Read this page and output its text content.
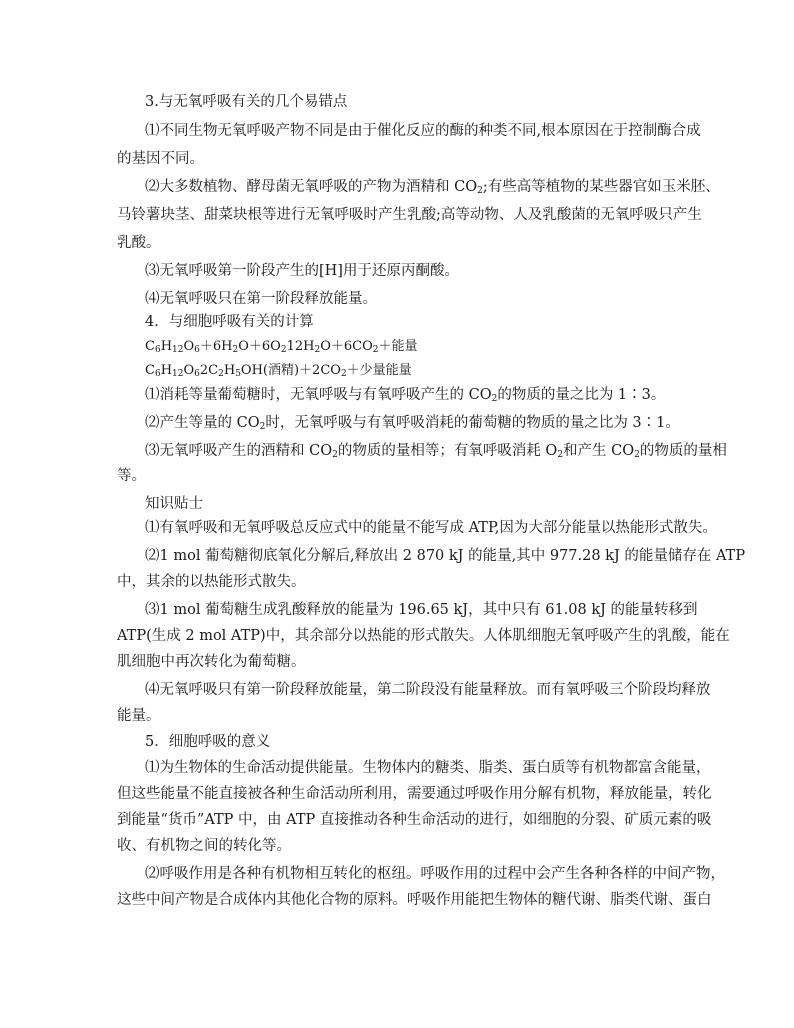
3.与无氧呼吸有关的几个易错点
⑴不同生物无氧呼吸产物不同是由于催化反应的酶的种类不同,根本原因在于控制酶合成
的基因不同。
⑵大多数植物、酵母菌无氧呼吸的产物为酒精和 $CO_2$;有些高等植物的某些器官如玉米胚、
马铃薯块茎、甜菜块根等进行无氧呼吸时产生乳酸;高等动物、人及乳酸菌的无氧呼吸只产生
乳酸。
⑶无氧呼吸第一阶段产生的[H]用于还原丙酮酸。
⑷无氧呼吸只在第一阶段释放能量。
4．与细胞呼吸有关的计算
$C_6H_{12}O_6+6H_2O+6O_212H_2O+6CO_2+$能量
$C_6H_{12}O_62C_2H_5OH$(酒精)$+2CO_2+$少量能量
⑴消耗等量葡萄糖时，无氧呼吸与有氧呼吸产生的 $CO_2$的物质的量之比为 1∶3。
⑵产生等量的 $CO_2$时，无氧呼吸与有氧呼吸消耗的葡萄糖的物质的量之比为 3∶1。
⑶无氧呼吸产生的酒精和 $CO_2$的物质的量相等；有氧呼吸消耗 $O_2$和产生 $CO_2$的物质的量相
等。
知识贴士
⑴有氧呼吸和无氧呼吸总反应式中的能量不能写成 ATP,因为大部分能量以热能形式散失。
⑵1 mol 葡萄糖彻底氧化分解后,释放出 2 870 kJ 的能量,其中 977.28 kJ 的能量储存在 ATP
中，其余的以热能形式散失。
⑶1 mol 葡萄糖生成乳酸释放的能量为 196.65 kJ，其中只有 61.08 kJ 的能量转移到
ATP(生成 2 mol ATP)中，其余部分以热能的形式散失。人体肌细胞无氧呼吸产生的乳酸，能在
肌细胞中再次转化为葡萄糖。
⑷无氧呼吸只有第一阶段释放能量，第二阶段没有能量释放。而有氧呼吸三个阶段均释放
能量。
5．细胞呼吸的意义
⑴为生物体的生命活动提供能量。生物体内的糖类、脂类、蛋白质等有机物都富含能量，
但这些能量不能直接被各种生命活动所利用，需要通过呼吸作用分解有机物，释放能量，转化
到能量“货币”ATP 中，由 ATP 直接推动各种生命活动的进行，如细胞的分裂、矿质元素的吸
收、有机物之间的转化等。
⑵呼吸作用是各种有机物相互转化的枢纽。呼吸作用的过程中会产生各种各样的中间产物，
这些中间产物是合成体内其他化合物的原料。呼吸作用能把生物体的糖代谢、脂类代谢、蛋白
